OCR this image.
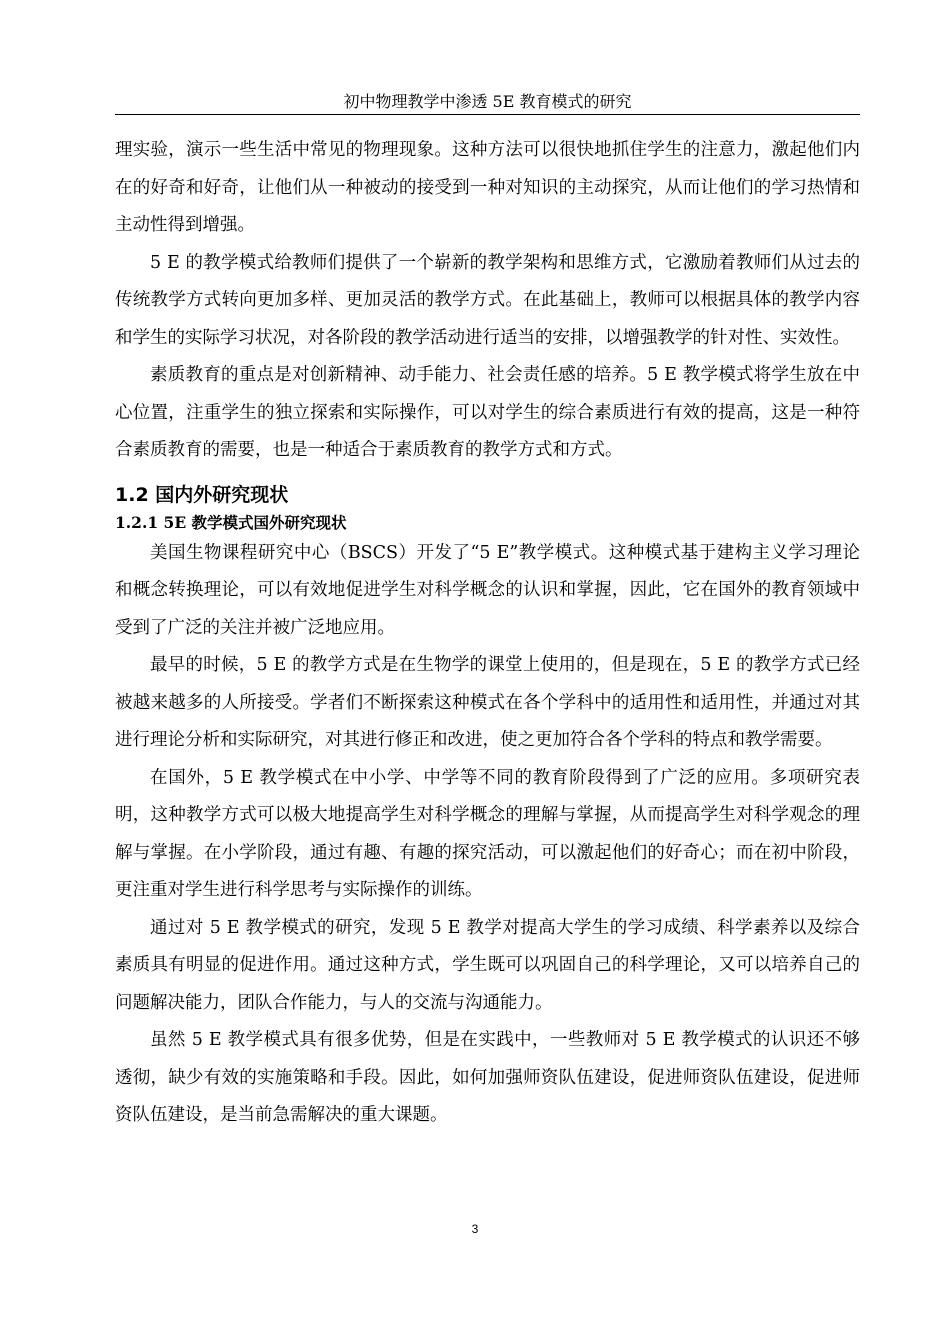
初中物理教学中渗透 5E 教育模式的研究

理实验，演示一些生活中常见的物理现象。这种方法可以很快地抓住学生的注意力，激起他们内在的好奇和好奇，让他们从一种被动的接受到一种对知识的主动探究，从而让他们的学习热情和主动性得到增强。

5 E 的教学模式给教师们提供了一个崭新的教学架构和思维方式，它激励着教师们从过去的传统教学方式转向更加多样、更加灵活的教学方式。在此基础上，教师可以根据具体的教学内容和学生的实际学习状况，对各阶段的教学活动进行适当的安排，以增强教学的针对性、实效性。

素质教育的重点是对创新精神、动手能力、社会责任感的培养。5 E 教学模式将学生放在中心位置，注重学生的独立探索和实际操作，可以对学生的综合素质进行有效的提高，这是一种符合素质教育的需要，也是一种适合于素质教育的教学方式和方式。

1.2 国内外研究现状
1.2.1 5E 教学模式国外研究现状

美国生物课程研究中心（BSCS）开发了“5 E”教学模式。这种模式基于建构主义学习理论和概念转换理论，可以有效地促进学生对科学概念的认识和掌握，因此，它在国外的教育领域中受到了广泛的关注并被广泛地应用。

最早的时候，5 E 的教学方式是在生物学的课堂上使用的，但是现在，5 E 的教学方式已经被越来越多的人所接受。学者们不断探索这种模式在各个学科中的适用性和适用性，并通过对其进行理论分析和实际研究，对其进行修正和改进，使之更加符合各个学科的特点和教学需要。

在国外，5 E 教学模式在中小学、中学等不同的教育阶段得到了广泛的应用。多项研究表明，这种教学方式可以极大地提高学生对科学概念的理解与掌握，从而提高学生对科学观念的理解与掌握。在小学阶段，通过有趣、有趣的探究活动，可以激起他们的好奇心；而在初中阶段，更注重对学生进行科学思考与实际操作的训练。

通过对 5 E 教学模式的研究，发现 5 E 教学对提高大学生的学习成绩、科学素养以及综合素质具有明显的促进作用。通过这种方式，学生既可以巩固自己的科学理论，又可以培养自己的问题解决能力，团队合作能力，与人的交流与沟通能力。

虽然 5 E 教学模式具有很多优势，但是在实践中，一些教师对 5 E 教学模式的认识还不够透彻，缺少有效的实施策略和手段。因此，如何加强师资队伍建设，促进师资队伍建设，促进师资队伍建设，是当前急需解决的重大课题。

3
